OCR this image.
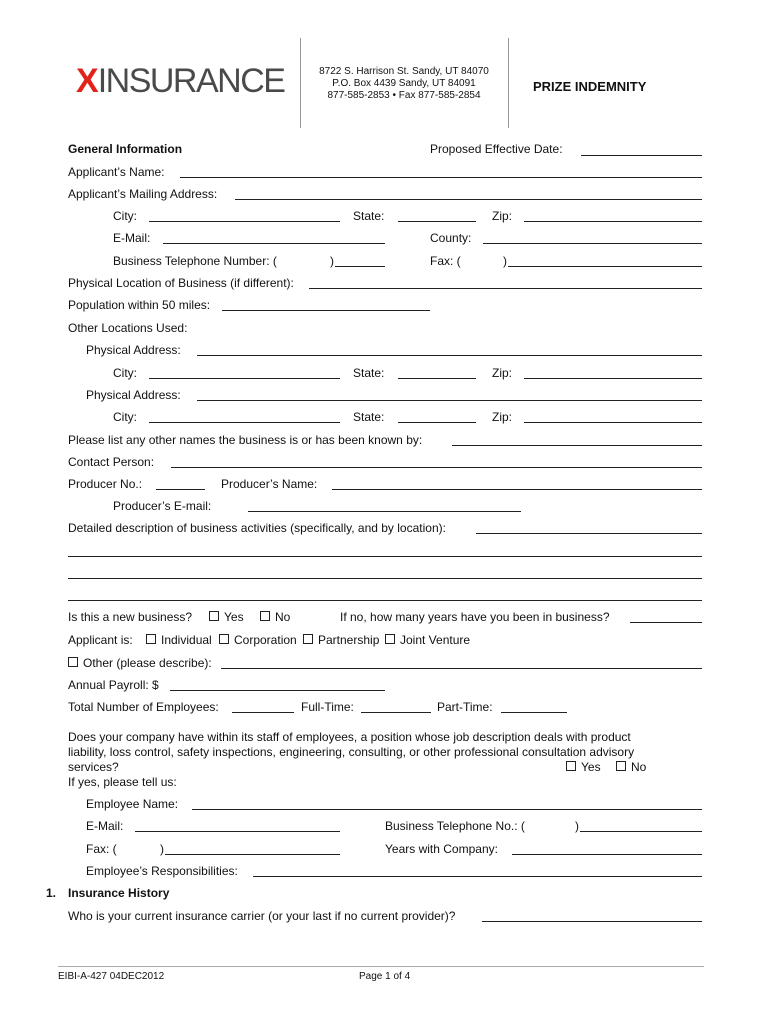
XINSURANCE	8722 S. Harrison St. Sandy, UT 84070
P.O. Box 4439 Sandy, UT 84091
877-585-2853 • Fax 877-585-2854
PRIZE INDEMNITY
General Information	Proposed Effective Date:
Applicant’s Name:
Applicant’s Mailing Address:
City:	State:	Zip:
E-Mail:	County:
Business Telephone Number: (	)	Fax: (	)
Physical Location of Business (if different):
Population within 50 miles:
Other Locations Used:
Physical Address:
City:	State:	Zip:
Physical Address:
City:	State:	Zip:
Please list any other names the business is or has been known by:
Contact Person:
Producer No.:	Producer’s Name:
Producer’s E-mail:
Detailed description of business activities (specifically, and by location):
Is this a new business?	Yes	No	If no, how many years have you been in business?
Applicant is:	Individual	Corporation	Partnership	Joint Venture
Other (please describe):
Annual Payroll: $
Total Number of Employees:	Full-Time:	Part-Time:
Does your company have within its staff of employees, a position whose job description deals with product
liability, loss control, safety inspections, engineering, consulting, or other professional consultation advisory
services?	Yes	No
If yes, please tell us:
Employee Name:
E-Mail:	Business Telephone No.: (	)
Fax: (	)	Years with Company:
Employee’s Responsibilities:
1. Insurance History
Who is your current insurance carrier (or your last if no current provider)?
EIBI-A-427 04DEC2012	Page 1 of 4
